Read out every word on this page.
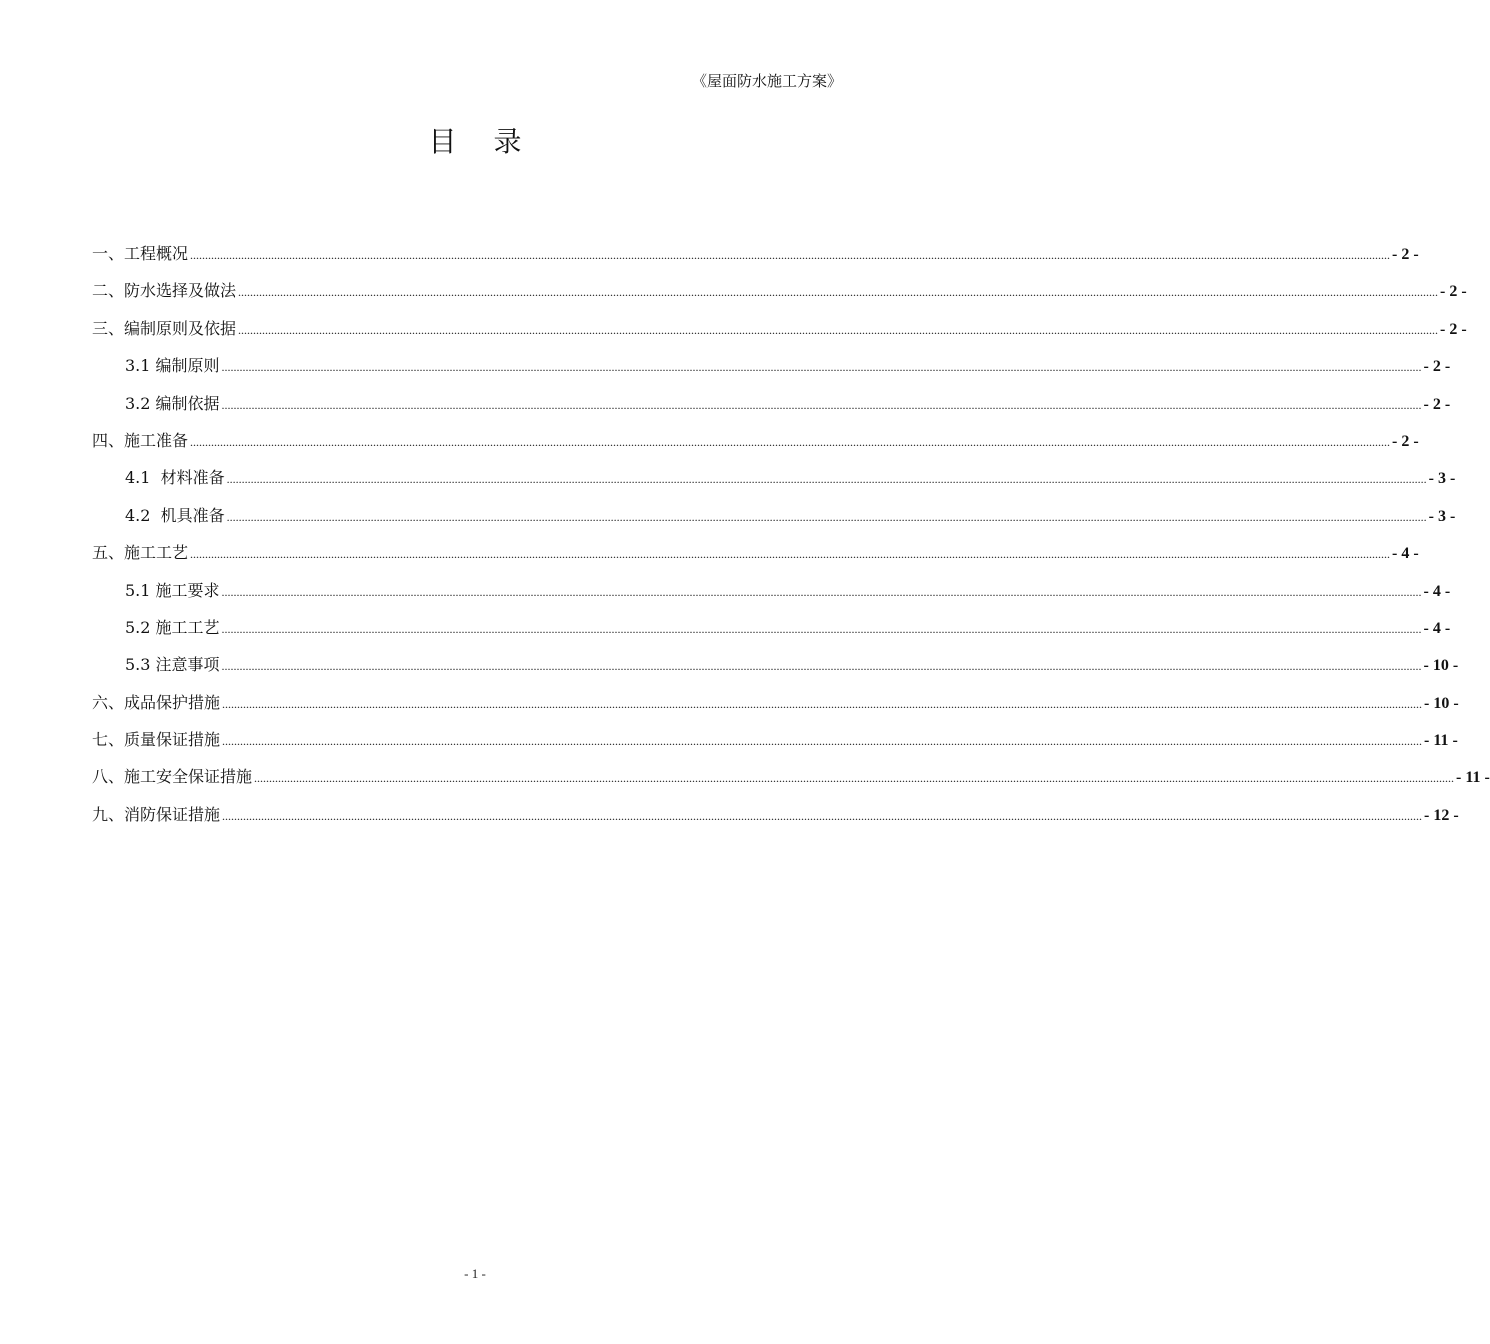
《屋面防水施工方案》
目 录
一、工程概况 ................................................................................................................................................................................................................................................................................................................................................................................................................ - 2 -
二、防水选择及做法 ................................................................................................................................................................................................................................................................................................................................................................................................................ - 2 -
三、编制原则及依据 ................................................................................................................................................................................................................................................................................................................................................................................................................ - 2 -
3.1 编制原则 ................................................................................................................................................................................................................................................................................................................................................................................................................ - 2 -
3.2 编制依据 ................................................................................................................................................................................................................................................................................................................................................................................................................ - 2 -
四、施工准备 ................................................................................................................................................................................................................................................................................................................................................................................................................ - 2 -
4.1  材料准备 ................................................................................................................................................................................................................................................................................................................................................................................................................ - 3 -
4.2  机具准备 ................................................................................................................................................................................................................................................................................................................................................................................................................ - 3 -
五、施工工艺 ................................................................................................................................................................................................................................................................................................................................................................................................................ - 4 -
5.1 施工要求 ................................................................................................................................................................................................................................................................................................................................................................................................................ - 4 -
5.2 施工工艺 ................................................................................................................................................................................................................................................................................................................................................................................................................ - 4 -
5.3 注意事项 ................................................................................................................................................................................................................................................................................................................................................................................................................ - 10 -
六、成品保护措施 ................................................................................................................................................................................................................................................................................................................................................................................................................ - 10 -
七、质量保证措施 ................................................................................................................................................................................................................................................................................................................................................................................................................ - 11 -
八、施工安全保证措施 ................................................................................................................................................................................................................................................................................................................................................................................................................ - 11 -
九、消防保证措施 ................................................................................................................................................................................................................................................................................................................................................................................................................ - 12 -
- 1 -
